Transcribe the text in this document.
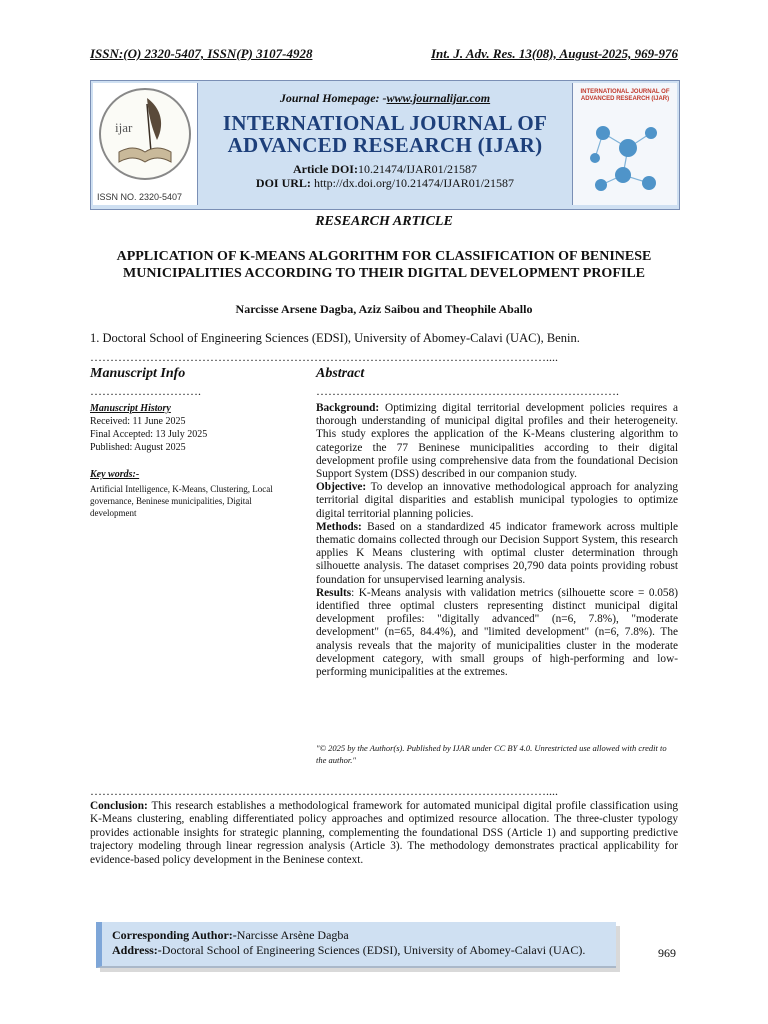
ISSN:(O) 2320-5407, ISSN(P) 3107-4928	Int. J. Adv. Res. 13(08), August-2025, 969-976
ijar
ISSN NO. 2320-5407
Journal Homepage: -www.journalijar.com
INTERNATIONAL JOURNAL OF
ADVANCED RESEARCH (IJAR)
Article DOI:10.21474/IJAR01/21587
DOI URL: http://dx.doi.org/10.21474/IJAR01/21587
INTERNATIONAL JOURNAL OF ADVANCED RESEARCH (IJAR)
RESEARCH ARTICLE
APPLICATION OF K-MEANS ALGORITHM FOR CLASSIFICATION OF BENINESE MUNICIPALITIES ACCORDING TO THEIR DIGITAL DEVELOPMENT PROFILE
Narcisse Arsene Dagba, Aziz Saibou and Theophile Aballo
1. Doctoral School of Engineering Sciences (EDSI), University of Abomey-Calavi (UAC), Benin.
……………………………………………………………………………………………………....
Manuscript Info	Abstract
……………………….	………………………………………………………………….
Manuscript History
Received: 11 June 2025
Final Accepted: 13 July 2025
Published: August 2025
Key words:-
Artificial Intelligence, K-Means, Clustering, Local governance, Beninese municipalities, Digital development

Background: Optimizing digital territorial development policies requires a thorough understanding of municipal digital profiles and their heterogeneity. This study explores the application of the K-Means clustering algorithm to categorize the 77 Beninese municipalities according to their digital development profile using comprehensive data from the foundational Decision Support System (DSS) described in our companion study.

Objective: To develop an innovative methodological approach for analyzing territorial digital disparities and establish municipal typologies to optimize digital territorial planning policies.

Methods: Based on a standardized 45 indicator framework across multiple thematic domains collected through our Decision Support System, this research applies K Means clustering with optimal cluster determination through silhouette analysis. The dataset comprises 20,790 data points providing robust foundation for unsupervised learning analysis.

Results: K-Means analysis with validation metrics (silhouette score = 0.058) identified three optimal clusters representing distinct municipal digital development profiles: "digitally advanced" (n=6, 7.8%), "moderate development" (n=65, 84.4%), and "limited development" (n=6, 7.8%). The analysis reveals that the majority of municipalities cluster in the moderate development category, with small groups of high-performing and low-performing municipalities at the extremes.

"© 2025 by the Author(s). Published by IJAR under CC BY 4.0. Unrestricted use allowed with credit to the author."
……………………………………………………………………………………………………....
Conclusion: This research establishes a methodological framework for automated municipal digital profile classification using K-Means clustering, enabling differentiated policy approaches and optimized resource allocation. The three-cluster typology provides actionable insights for strategic planning, complementing the foundational DSS (Article 1) and supporting predictive trajectory modeling through linear regression analysis (Article 3). The methodology demonstrates practical applicability for evidence-based policy development in the Beninese context.
Corresponding Author:-Narcisse Arsène Dagba
Address:-Doctoral School of Engineering Sciences (EDSI), University of Abomey-Calavi (UAC).	969
